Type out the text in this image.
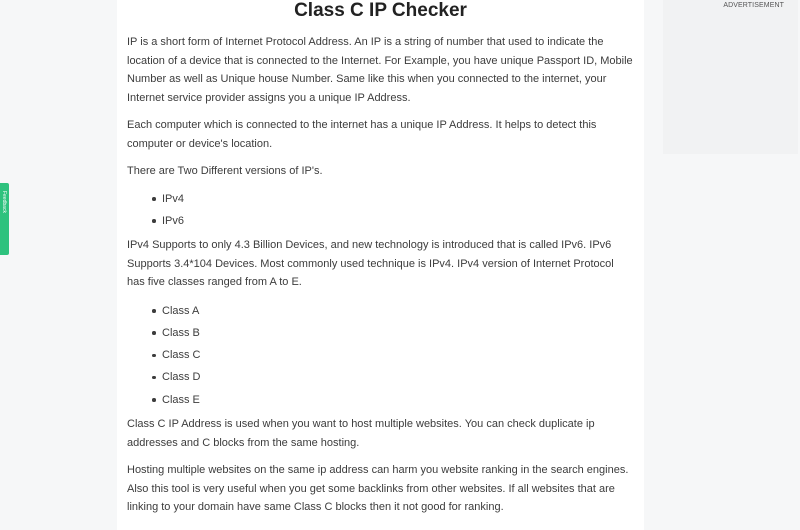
Feedback
Class C IP Checker

IP is a short form of Internet Protocol Address. An IP is a string of number that used to indicate the location of a device that is connected to the Internet. For Example, you have unique Passport ID, Mobile Number as well as Unique house Number. Same like this when you connected to the internet, your Internet service provider assigns you a unique IP Address.

Each computer which is connected to the internet has a unique IP Address. It helps to detect this computer or device's location.

There are Two Different versions of IP's.

IPv4
IPv6

IPv4 Supports to only 4.3 Billion Devices, and new technology is introduced that is called IPv6. IPv6 Supports 3.4*104 Devices. Most commonly used technique is IPv4. IPv4 version of Internet Protocol has five classes ranged from A to E.

Class A
Class B
Class C
Class D
Class E

Class C IP Address is used when you want to host multiple websites. You can check duplicate ip addresses and C blocks from the same hosting.

Hosting multiple websites on the same ip address can harm you website ranking in the search engines. Also this tool is very useful when you get some backlinks from other websites. If all websites that are linking to your domain have same Class C blocks then it not good for ranking.

ADVERTISEMENT
